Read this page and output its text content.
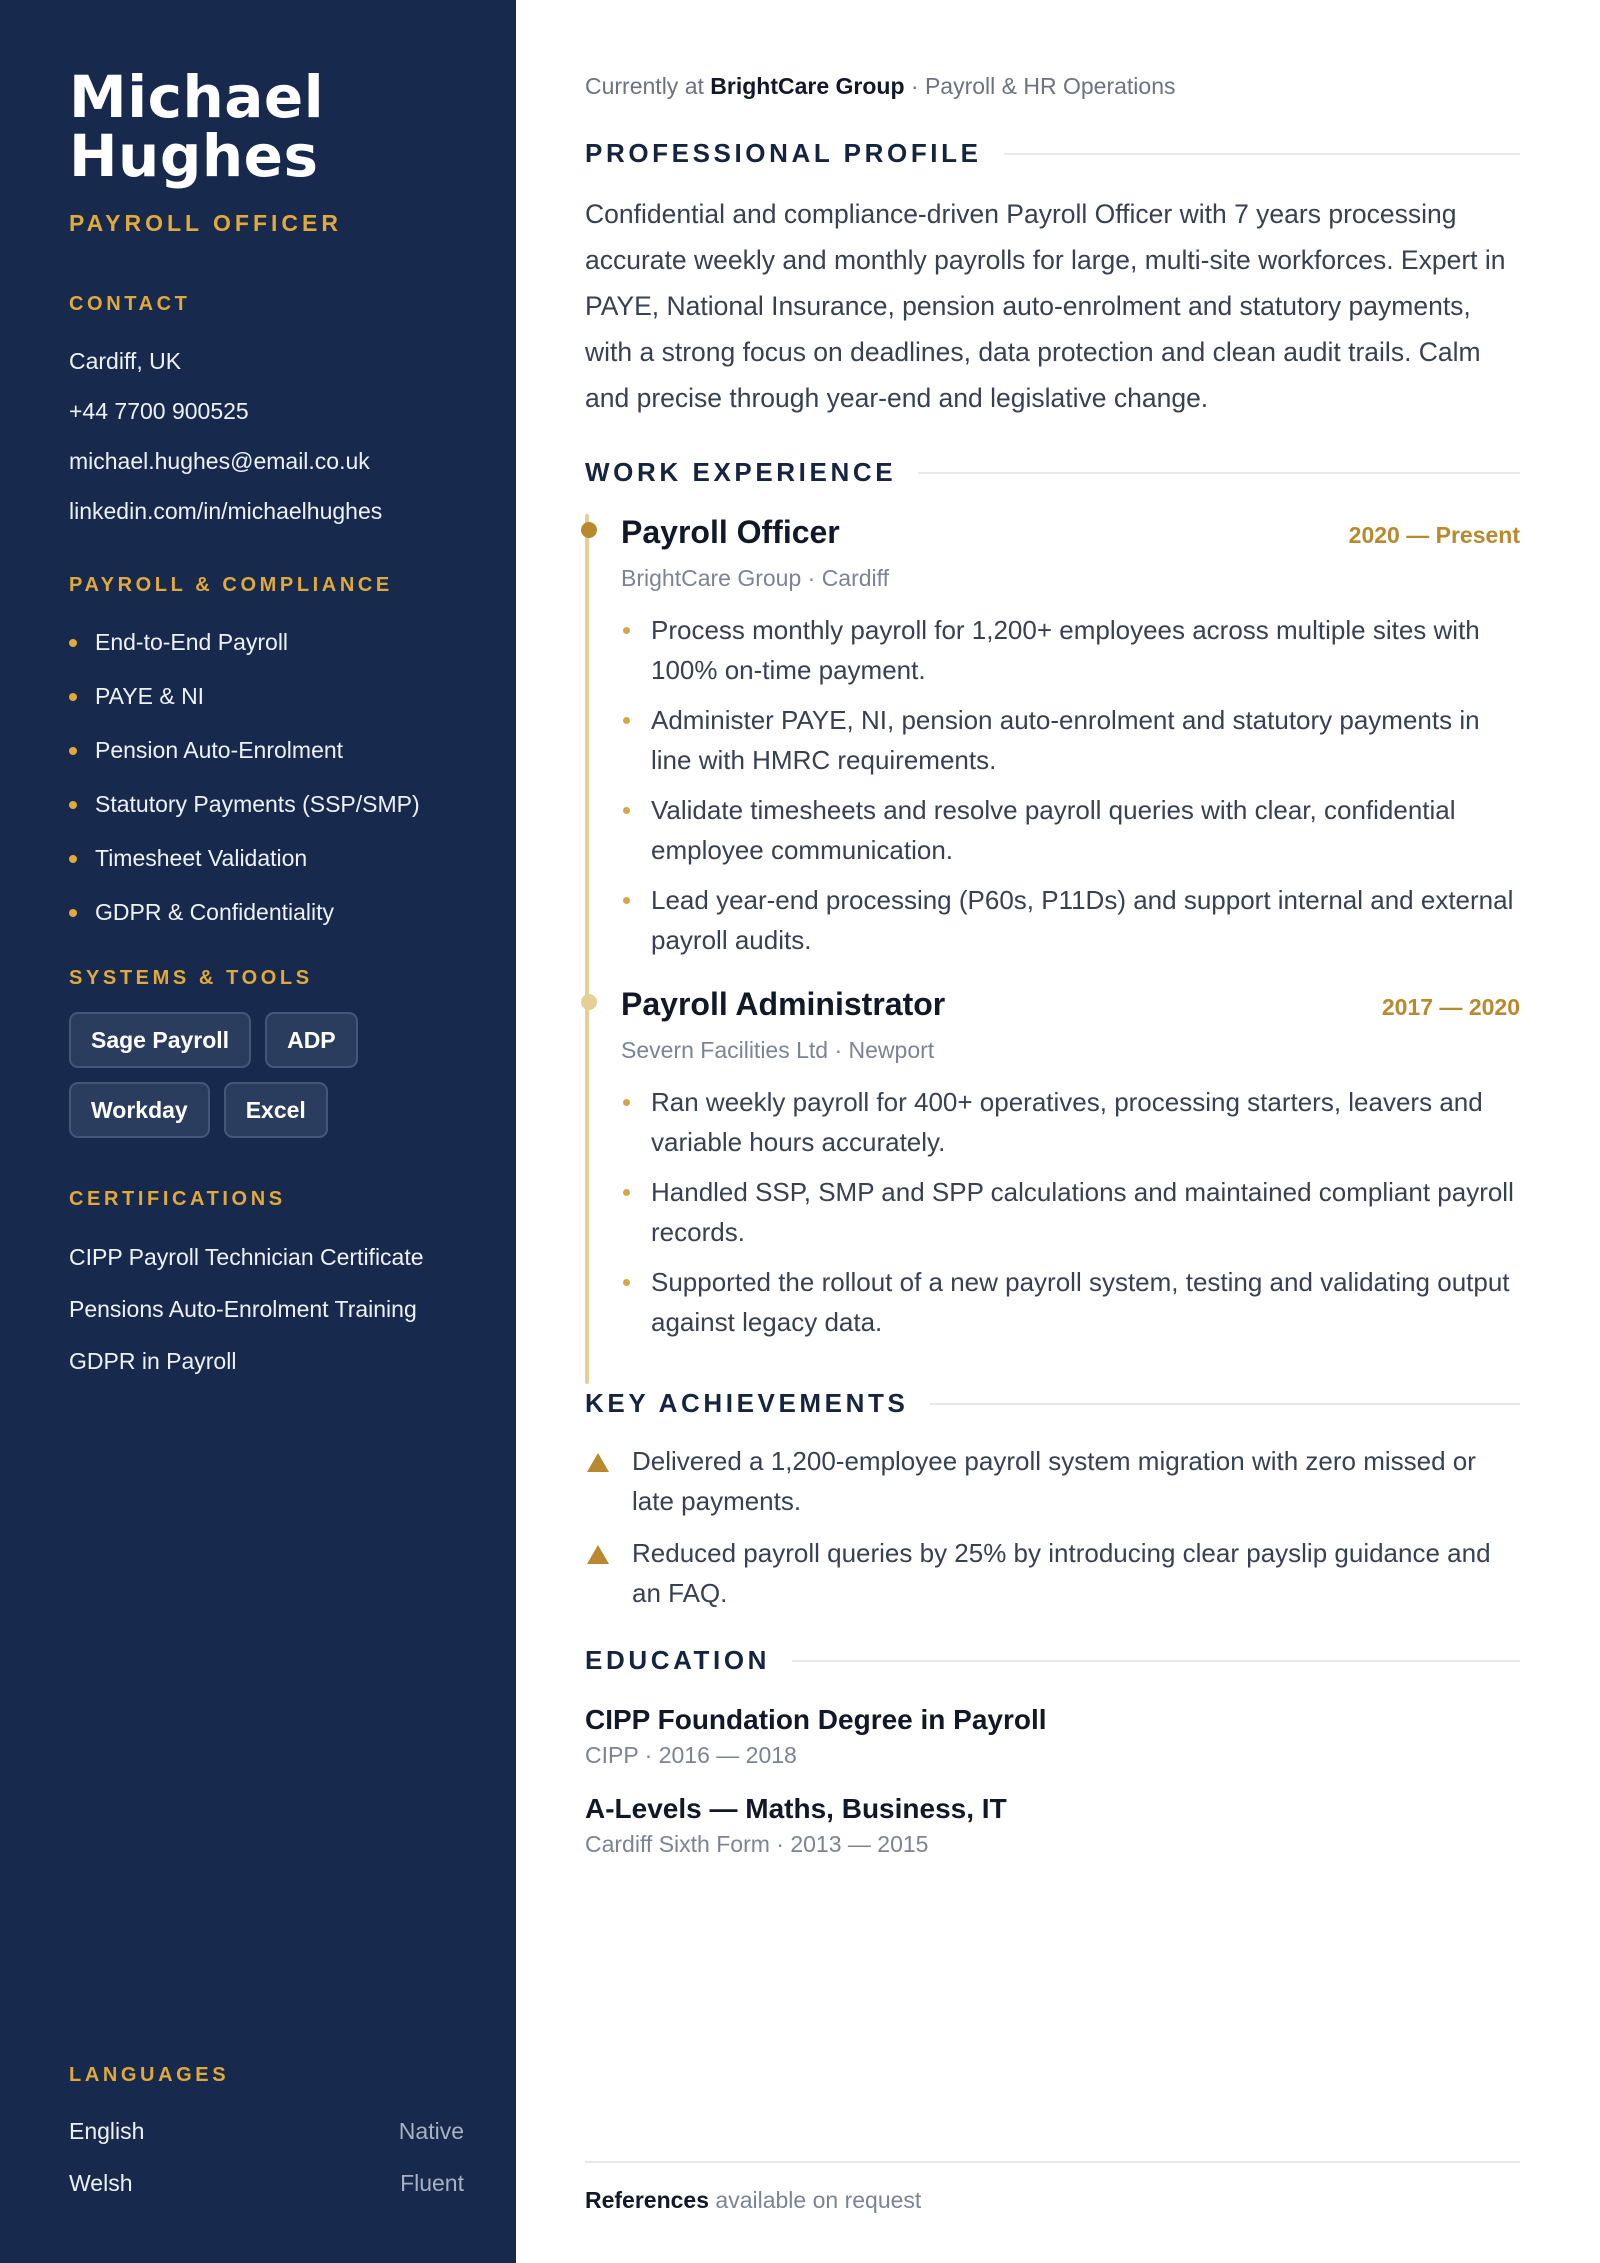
Michael
Hughes
PAYROLL OFFICER
CONTACT
Cardiff, UK
+44 7700 900525
michael.hughes@email.co.uk
linkedin.com/in/michaelhughes
PAYROLL & COMPLIANCE
End-to-End Payroll
PAYE & NI
Pension Auto-Enrolment
Statutory Payments (SSP/SMP)
Timesheet Validation
GDPR & Confidentiality
SYSTEMS & TOOLS
Sage Payroll	ADP
Workday	Excel
CERTIFICATIONS
CIPP Payroll Technician Certificate
Pensions Auto-Enrolment Training
GDPR in Payroll
LANGUAGES
English	Native
Welsh	Fluent
Currently at BrightCare Group · Payroll & HR Operations
PROFESSIONAL PROFILE

Confidential and compliance-driven Payroll Officer with 7 years processing accurate weekly and monthly payrolls for large, multi-site workforces. Expert in PAYE, National Insurance, pension auto-enrolment and statutory payments, with a strong focus on deadlines, data protection and clean audit trails. Calm and precise through year-end and legislative change.

WORK EXPERIENCE
Payroll Officer	2020 — Present
BrightCare Group · Cardiff
Process monthly payroll for 1,200+ employees across multiple sites with 100% on-time payment.
Administer PAYE, NI, pension auto-enrolment and statutory payments in line with HMRC requirements.
Validate timesheets and resolve payroll queries with clear, confidential employee communication.
Lead year-end processing (P60s, P11Ds) and support internal and external payroll audits.
Payroll Administrator	2017 — 2020
Severn Facilities Ltd · Newport
Ran weekly payroll for 400+ operatives, processing starters, leavers and variable hours accurately.
Handled SSP, SMP and SPP calculations and maintained compliant payroll records.
Supported the rollout of a new payroll system, testing and validating output against legacy data.
KEY ACHIEVEMENTS
Delivered a 1,200-employee payroll system migration with zero missed or late payments.
Reduced payroll queries by 25% by introducing clear payslip guidance and an FAQ.
EDUCATION
CIPP Foundation Degree in Payroll
CIPP · 2016 — 2018
A-Levels — Maths, Business, IT
Cardiff Sixth Form · 2013 — 2015
References available on request
